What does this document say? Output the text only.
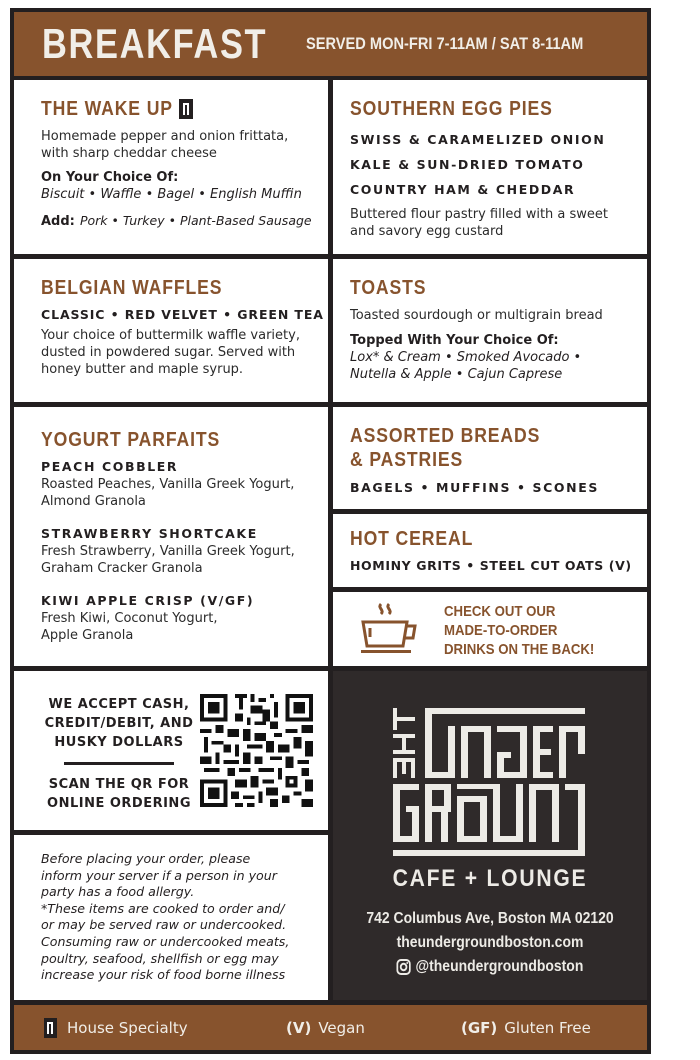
BREAKFAST SERVED MON-FRI 7-11AM / SAT 8-11AM
THE WAKE UP
Homemade pepper and onion frittata,
with sharp cheddar cheese
On Your Choice Of:
Biscuit • Waffle • Bagel • English Muffin
Add: Pork • Turkey • Plant-Based Sausage
SOUTHERN EGG PIES
SWISS & CARAMELIZED ONION
KALE & SUN-DRIED TOMATO
COUNTRY HAM & CHEDDAR
Buttered flour pastry filled with a sweet
and savory egg custard
BELGIAN WAFFLES
CLASSIC • RED VELVET • GREEN TEA
Your choice of buttermilk waffle variety,
dusted in powdered sugar. Served with
honey butter and maple syrup.
TOASTS
Toasted sourdough or multigrain bread
Topped With Your Choice Of:
Lox* & Cream • Smoked Avocado •
Nutella & Apple • Cajun Caprese
YOGURT PARFAITS
PEACH COBBLER
Roasted Peaches, Vanilla Greek Yogurt,
Almond Granola
STRAWBERRY SHORTCAKE
Fresh Strawberry, Vanilla Greek Yogurt,
Graham Cracker Granola
KIWI APPLE CRISP (V/GF)
Fresh Kiwi, Coconut Yogurt,
Apple Granola
ASSORTED BREADS
& PASTRIES
BAGELS • MUFFINS • SCONES
HOT CEREAL
HOMINY GRITS • STEEL CUT OATS (V)
CHECK OUT OUR
MADE-TO-ORDER
DRINKS ON THE BACK!
WE ACCEPT CASH,
CREDIT/DEBIT, AND
HUSKY DOLLARS
SCAN THE QR FOR
ONLINE ORDERING
Before placing your order, please
inform your server if a person in your
party has a food allergy.
*These items are cooked to order and/
or may be served raw or undercooked.
Consuming raw or undercooked meats,
poultry, seafood, shellfish or egg may
increase your risk of food borne illness
CAFE + LOUNGE
742 Columbus Ave, Boston MA 02120
theundergroundboston.com
@theundergroundboston
House Specialty	(V) Vegan	(GF) Gluten Free
